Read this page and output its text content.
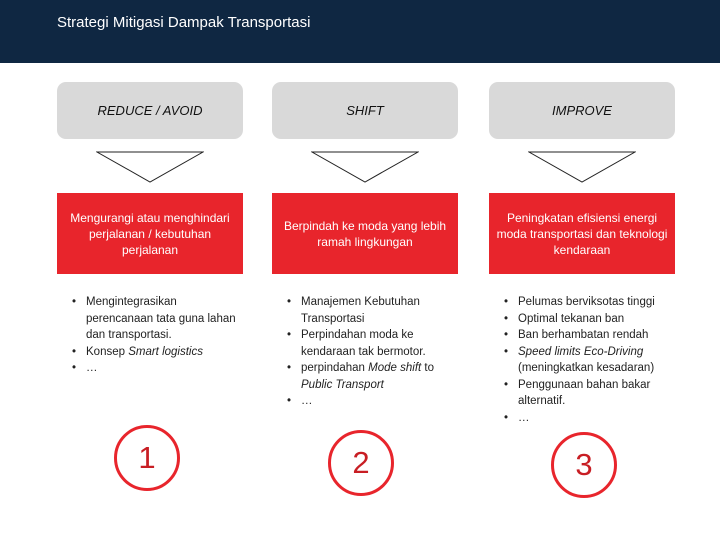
Strategi Mitigasi Dampak Transportasi
REDUCE / AVOID
Mengurangi atau menghindari perjalanan / kebutuhan perjalanan
• Mengintegrasikan perencanaan tata guna lahan dan transportasi.
• Konsep Smart logistics
• …
1
SHIFT
Berpindah ke moda yang lebih ramah lingkungan
• Manajemen Kebutuhan Transportasi
• Perpindahan moda ke kendaraan tak bermotor.
• perpindahan Mode shift to Public Transport
• …
2
IMPROVE
Peningkatan efisiensi energi moda transportasi dan teknologi kendaraan
• Pelumas berviksotas tinggi
• Optimal tekanan ban
• Ban berhambatan rendah
• Speed limits Eco-Driving (meningkatkan kesadaran)
• Penggunaan bahan bakar alternatif.
• …
3
